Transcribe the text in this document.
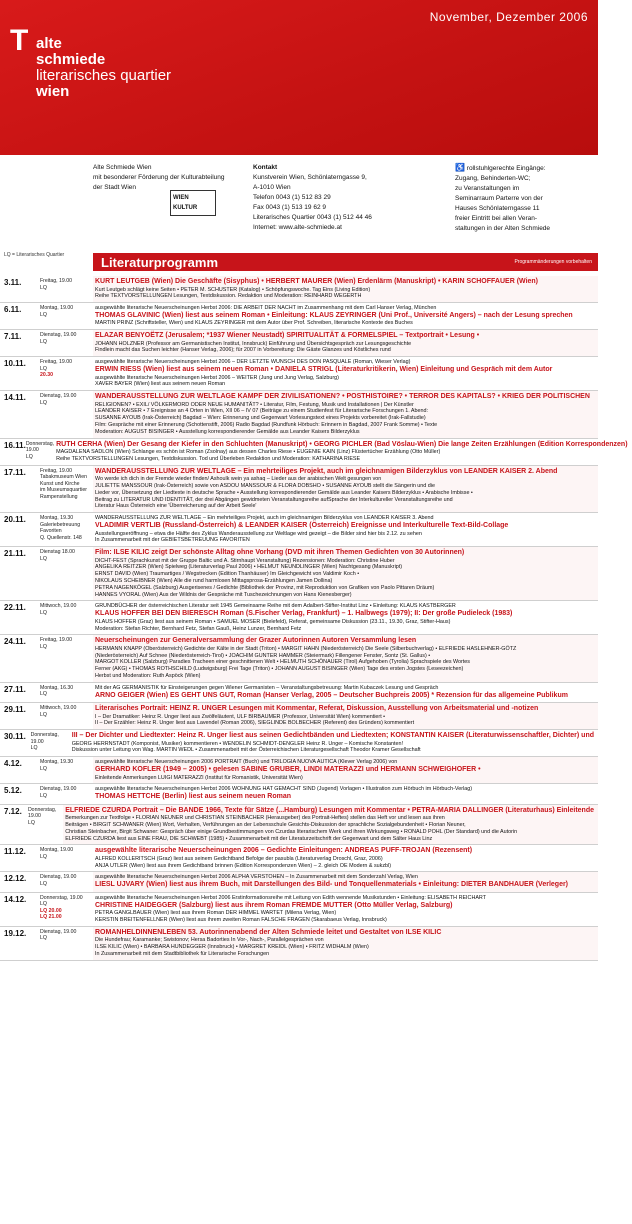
November, Dezember 2006
T alte
schmiede
literarisches quartier
wien
Alte Schmiede Wien
mit besonderer Förderung der Kulturabteilung
der Stadt Wien
WIEN KULTUR
Kontakt
Kunstverein Wien, Schönlaterngasse 9,
A-1010 Wien
Telefon 0043 (1) 512 83 29
Fax 0043 (1) 513 19 62 9
Literarisches Quartier 0043 (1) 512 44 46
Internet: www.alte-schmiede.at
♿ rollstuhlgerechte Eingänge:
Zugang, Behinderten-WC;
zu Veranstaltungen im
Seminarraum Parterre von der
Hauses Schönlaterngasse 11
freier Eintritt bei allen Veran-
staltungen in der Alten Schmiede
LQ = Literarisches Quartier	Literaturprogramm	Programmänderungen vorbehalten
3.11.	Freitag, 19.00
LQ
KURT LEUTGEB (Wien) Die Geschäfte (Sisyphus) • HERBERT MAURER (Wien) Erdenlärm (Manuskript) • KARIN SCHOFFAUER (Wien)
Kurt Leutgeb schlägt keine Seiten • PETER M. SCHUSTER (Katalog) • Schöpfungswoche. Tag Eins (Living Edition)
Reihe TEXTVORSTELLUNGEN Lesungen, Textdiskussion. Redaktion und Moderation: REINHARD WEGERTH
6.11.	Montag, 19.00
LQ
ausgewählte literarische Neuerscheinungen Herbst 2006: DIE ARBEIT DER NACHT im Zusammenhang mit dem Carl Hanser Verlag, München
THOMAS GLAVINIC (Wien) liest aus seinem Roman • Einleitung: KLAUS ZEYRINGER (Uni Prof., Université Angers) – nach der Lesung sprechen
MARTIN PRINZ (Schriftsteller, Wien) und KLAUS ZEYRINGER mit dem Autor über Prof. Schreiben, literarische Kontexte des Buches
7.11.	Dienstag, 19.00
LQ
ELAZAR BENYOËTZ (Jerusalem; *1937 Wiener Neustadt) SPIRITUALITÄT & FORMELSPIEL – Textportrait • Lesung •
JOHANN HOLZNER (Professor am Germanistischen Institut, Innsbruck) Einführung und Übersichtsgespräch zur Lesungsgeschichte
Findlein macht das Suchen leichter (Hanser Verlag, 2006); für 2007 in Vorbereitung: Die Gäste Glanzes und Köstliches rund
10.11.	Freitag, 19.00
LQ
20.30
ausgewählte literarische Neuerscheinungen Herbst 2006 – DER LETZTE WUNSCH DES DON PASQUALE (Roman, Wieser Verlag)
ERWIN RIESS (Wien) liest aus seinem neuen Roman • DANIELA STRIGL (Literaturkritikerin, Wien) Einleitung und Gespräch mit dem Autor
ausgewählte literarische Neuerscheinungen Herbst 2006 – WEITER (Jung und Jung Verlag, Salzburg)
XAVER BAYER (Wien) liest aus seinem neuen Roman
14.11.	Dienstag, 19.00
LQ
WANDERAUSSTELLUNG ZUR WELTLAGE KAMPF DER ZIVILISATIONEN? • POSTHISTOIRE? • TERROR DES KAPITALS? • KRIEG DER POLITISCHEN
RELIGIONEN? • EXIL/ VÖLKERMORD ODER NEUE HUMANITÄT? • Literatur, Film, Festung, Musik und Installationen | Der Künstler
LEANDER KAISER • 7 Ereignisse an 4 Orten in Wien, XII 06 – IV 07 (Beiträge zu einem Studienfest für Literarische Forschungen 1. Abend:
SUSANNE AYOUB (Irak-Österreich) Bagdad – Wien: Erinnerung und Gegenwart Vorlesungstext eines Projekts vorbereitet (Irak-Fallstudie)
Film: Gespräche mit einer Erinnerung (Schottenstift, 2006) Radio Bagdad (Rundfunk Hörbuch: Erinnern in Bagdad, 2007 Frank Somme) • Texte
Moderation: AUGUST BISINGER • Ausstellung korrespondierender Gemälde aus Leander Kaisers Bilderzyklus
16.11. Donnerstag, 19.00
LQ
RUTH CERHA (Wien) Der Gesang der Kiefer in den Schluchten (Manuskript) • GEORG PICHLER (Bad Vöslau-Wien) Die lange Zeiten Erzählungen (Edition Korrespondenzen)
MAGDALENA SADLON (Wien) Schlange es schön ist Roman (Zsolnay) aus dessen Charles Riese • EUGENIE KAIN (Linz) Flüstertücher Erzählung (Otto Müller)
Reihe TEXTVORSTELLUNGEN Lesungen, Textdiskussion. Tod und Überleben Redaktion und Moderation: KATHARINA RIESE
17.11.	Freitag, 19.00
Tabakmuseum Wien
Kunst und Kirche
im Museumsquartier
Rampenstellung
WANDERAUSSTELLUNG ZUR WELTLAGE – Ein mehrteiliges Projekt, auch im gleichnamigen Bilderzyklus von LEANDER KAISER 2. Abend
Wo werde ich dich in der Fremde wieder finden/ Ashoulk wein ya ashaq – Lieder aus der arabischen Welt gesungen von
JULIETTE MANSSOUR (Irak-Österreich) sowie von ASDOU MANSSOUR & FLORA DOBSHO • SUSANNE AYOUB stellt die Sängerin und die
Lieder vor, Übersetzung der Liedtexte in deutsche Sprache • Ausstellung korrespondierender Gemälde aus Leander Kaisers Bilderzyklus • Arabische Imbisse •
Beitrag zu LITERATUR UND IDENTITÄT, der drei Abgängen gewidmeten Veranstaltungsreihe aufSprache der Interkultureller Veranstaltungsreihe und
Literatur Haus Österreich eine 'Überreicherung auf der Arbeit Seele'
20.11.	Montag, 19.30
Galeriebetreuung
Favoriten
Q. Quellenstr. 148
WANDERAUSSTELLUNG ZUR WELTLAGE – Ein mehrteiliges Projekt, auch im gleichnamigen Bilderzyklus von LEANDER KAISER 3. Abend
VLADIMIR VERTLIB (Russland-Österreich) & LEANDER KAISER (Österreich) Ereignisse und Interkulturelle Text-Bild-Collage
Ausstellungseröffnung – etwa die Hälfte des Zyklus Wanderausstellung zur Weltlage wird gezeigt – die Bilder sind hier bis 2.12. zu sehen
In Zusammenarbeit mit der GEBIETSBETREUUNG FAVORITEN
21.11.	Dienstag 18.00
LQ
Film: ILSE KILIC zeigt Der schönste Alltag ohne Vorhang (DVD mit ihren Themen Gedichten von 30 Autorinnen)
DICHT-FEST (Sprachkunst mit der Gruppe Baltic und A. Stirnhaupt Veranstaltung) Rezensionen: Moderation: Christine Huber
ANGELIKA REITZER (Wien) Spielweg (Literaturverlag Paul 2006) • HELMUT NEUNDLINGER (Wien) Nachtgesang (Manuskript)
ERNST DAVID (Wien) Traumartiges / Wegstrecken (Edition Thanhäuser) Im Gleichgewicht von Valdimir Koch •
NIKOLAUS SCHEIBNER (Wien) Alle die rund harmlosen Mittagsprosa-Erzählungen Jamen Dollina)
PETRA NAGENKÖGEL (Salzburg) Ausgerisenes / Gedichte (Bibliothek der Provinz, mit Reproduktion von Grafiken von Paolo Pittaren Dräum)
HANNES VYORAL (Wien) Aus der Wildnis der Gespräche mit Tuschezeichnungen von Hans Kienesberger)
22.11.	Mittwoch, 19.00
LQ
GRUNDBÜCHER der österreichischen Literatur seit 1945 Gemeinsame Reihe mit dem Adalbert-Stifter-Institut Linz • Einleitung: KLAUS KASTBERGER
KLAUS HOFFER BEI DEN BIERESCH Roman (S.Fischer Verlag, Frankfurt) – 1. Halbwegs (1979); II: Der große Pudieleck (1983)
KLAUS HOFFER (Graz) liest aus seinem Roman • SAMUEL MOSER (Bielefeld), Referat, gemeinsame Diskussion (23.11., 19.30, Graz, Stifter-Haus)
Moderation: Stefan Richter, Bernhard Fetz, Stefan Gauß, Heinz Lunzer, Bernhard Fetz
24.11.	Freitag, 19.00
LQ
Neuerscheinungen zur Generalversammlung der Grazer Autorinnen Autoren Versammlung lesen
HERMANN KNAPP (Oberösterreich) Gedichte der Kälte in der Stadt (Triton) • MARGIT HAHN (Niederösterreich) Die Seele (Silberbuchverlag) • ELFRIEDE HASLEHNER-GÖTZ
(Niederösterreich) Auf Schnee (Niederösterreich-Tirol) • JOACHIM GUNTER HAMMER (Steiermark) Fillengener Fenster, Sontz (St. Gallus) •
MARGOT KOLLER (Salzburg) Paradies Tracheen einer geschnittenen Welt • HELMUTH SCHÖNAUER (Tirol) Aufgehoben (Tyrolia) Sprachspiele des Wortes
Ferner (AKG) • THOMAS ROTHSCHILD (Ludwigsburg) Frei Tage (Triton) • JOHANN AUGUST BISINGER (Wien) Tage des ersten Jogstes (Leseezeichen)
Herbst und Moderation: Ruth Aspöck (Wien)
27.11.	Montag, 16.30
LQ
Mit der AG GERMANISTIK für Einsteigerungen gegen Wiener Germanisten – Veranstaltungsbetreuung: Martin Kubaczek Lesung und Gespräch
ARNO GEIGER (Wien) ES GEHT UNS GUT, Roman (Hanser Verlag, 2005 – Deutscher Buchpreis 2005) * Rezension für das allgemeine Publikum
29.11.	Mittwoch, 19.00
LQ
Literarisches Portrait: HEINZ R. UNGER Lesungen mit Kommentar, Referat, Diskussion, Ausstellung von Arbeitsmaterial und -notizen
I – Der Dramatiker: Heinz R. Unger liest aus Zwölfeläutent, ULF BIRBAUMER (Professor, Universität Wien) kommentiert •
II – Der Erzähler: Heinz R. Unger liest aus Lavendel (Roman 2006), SIEGLINDE BOLBECHER (Referent) des Gründers) kommentiert
30.11. Donnerstag, 19.00
LQ
III – Der Dichter und Liedtexter: Heinz R. Unger liest aus seinen Gedichtbänden und Liedtexten; KONSTANTIN KAISER (Literaturwissenschaftler, Dichter) und
GEORG HERRNSTADT (Komponist, Musiker) kommentieren • WENDELIN SCHMIDT-DENGLER Heinz R. Unger – Komische Konstanten!
Diskussion unter Leitung von Wag. MARTIN WEDL • Zusammenarbeit mit der Österreichischen Literaturgesellschaft Theodor Kramer Gesellschaft
4.12.	Montag, 19.30
LQ
ausgewählte literarische Neuerscheinungen 2006 PORTRAIT (Buch) und TRILOGIA NUOVA AUTICA (Klever Verlag 2006) von
GERHARD KOFLER (1949 – 2005) • gelesen SABINE GRUBER, LINDI MATERAZZI und HERMANN SCHWEIGHOFER •
Einleitende Anmerkungen LUIGI MATERAZZI (Institut für Romanistik, Universität Wien)
5.12.	Dienstag, 19.00
LQ
ausgewählte literarische Neuerscheinungen Herbst 2006 WOHNUNG HAT GEMACHT SIND (Jugend) Vorlagen • Illustration zum Hörbuch im Hörbuch-Verlag)
THOMAS HETTCHE (Berlin) liest aus seinem neuen Roman
7.12.	Donnerstag, 19.00
LQ
ELFRIEDE CZURDA Portrait – Die BANDE 1966, Texte für Sätze (...Hamburg) Lesungen mit Kommentar • PETRA-MARIA DALLINGER (Literaturhaus) Einleitende
Bemerkungen zur Textfolge • FLORIAN NEUNER und CHRISTIAN STEINBACHER (Herausgeber) des Portrait-Heftes) stellen das Heft vor und lesen aus ihren
Beiträgen • BIRGIT SCHWANER (Wien) Wort, Verhalten, Verführungen an der Lebensschule Gesichts-Diskussion der sprachliche Sozialgebundenheit • Florian Neuner,
Christian Steinbacher, Birgit Schwaner: Gespräch über einige Grundbestimmungen von Czurdas literarischem Werk und ihren Wirkungsweg • RONALD POHL (Der Standard) und die Autorin
ELFRIEDE CZURDA liest aus EINE FRAU, DIE SCHWEBT (1985) • Zusammenarbeit mit der Literaturzeitschrift der Gegenwart und dem Sälter Haus Linz
11.12.	Montag, 19.00
LQ
ausgewählte literarische Neuerscheinungen 2006 – Gedichte Einleitungen: ANDREAS PUFF-TROJAN (Rezensent)
ALFRED KOLLERITSCH (Graz) liest aus seinem Gedichtband Befolge der pasubla (Literaturverlag Droschl, Graz, 2006)
ANJA UTLER (Wien) liest aus ihrem Gedichtband brinnen (Edition Korrespondenzen Wien) – 2. gleich OE Modern & sukzbl)
12.12.	Dienstag, 19.00
LQ
ausgewählte literarische Neuerscheinungen Herbst 2006 ALPHA VERSTOHEN – In Zusammenarbeit mit dem Sonderzahl Verlag, Wien
LIESL UJVARY (Wien) liest aus ihrem Buch, mit Darstellungen des Bild- und Tonquellenmaterials • Einleitung: DIETER BANDHAUER (Verleger)
14.12.	Donnerstag, 19.00
LQ
LQ 20.00
LQ 21.00
ausgewählte literarische Neuerscheinungen Herbst 2006 Erstinformationsreihe mit Leitung von Edith wennende Musikstunden • Einleitung: ELISABETH REICHART
CHRISTINE HAIDEGGER (Salzburg) liest aus ihrem Roman FREMDE MUTTER (Otto Müller Verlag, Salzburg)
PETRA GANGLBAUER (Wien) liest aus ihrem Roman DER HIMMEL WARTET (Milena Verlag, Wien)
KERSTIN BREITENFELLNER (Wien) liest aus ihrem zweiten Roman FALSCHE FRAGEN (Skarabaeus Verlag, Innsbruck)
19.12.	Dienstag, 19.00
LQ
ROMANHELDINNENLEBEN 53. Autorinnenabend der Alten Schmiede leitet und Gestaltet von ILSE KILIC
Die Hundefrau; Karamanke; Swistonov; Hersa Badorties In Vor-, Nach-, Parallelgesprächen von
ILSE KILIC (Wien) • BARBARA HUNDEGGER (Innsbruck) • MARGRET KREIDL (Wien) • FRITZ WIDHALM (Wien)
In Zusammenarbeit mit dem Stadtbibliothek für Literarische Forschungen
